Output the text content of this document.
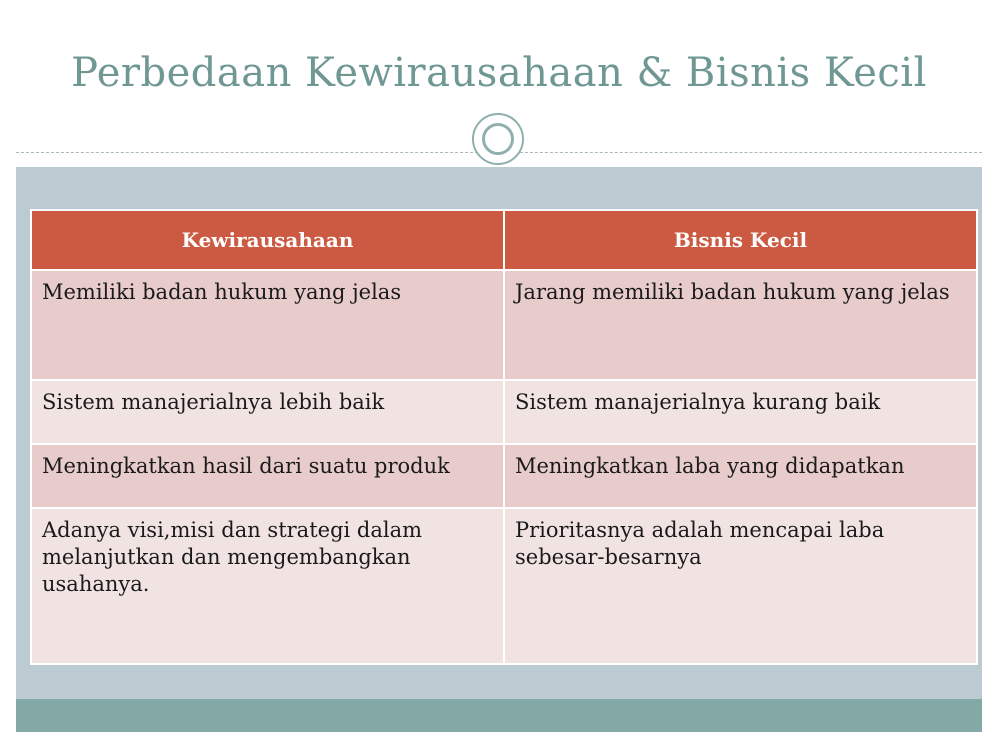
Perbedaan Kewirausahaan & Bisnis Kecil
Kewirausahaan	Bisnis Kecil
Memiliki badan hukum yang jelas	Jarang memiliki badan hukum yang jelas
Sistem manajerialnya lebih baik	Sistem manajerialnya kurang baik
Meningkatkan hasil dari suatu produk	Meningkatkan laba yang didapatkan
Adanya visi,misi dan strategi dalam melanjutkan dan mengembangkan usahanya.	Prioritasnya adalah mencapai laba sebesar-besarnya
